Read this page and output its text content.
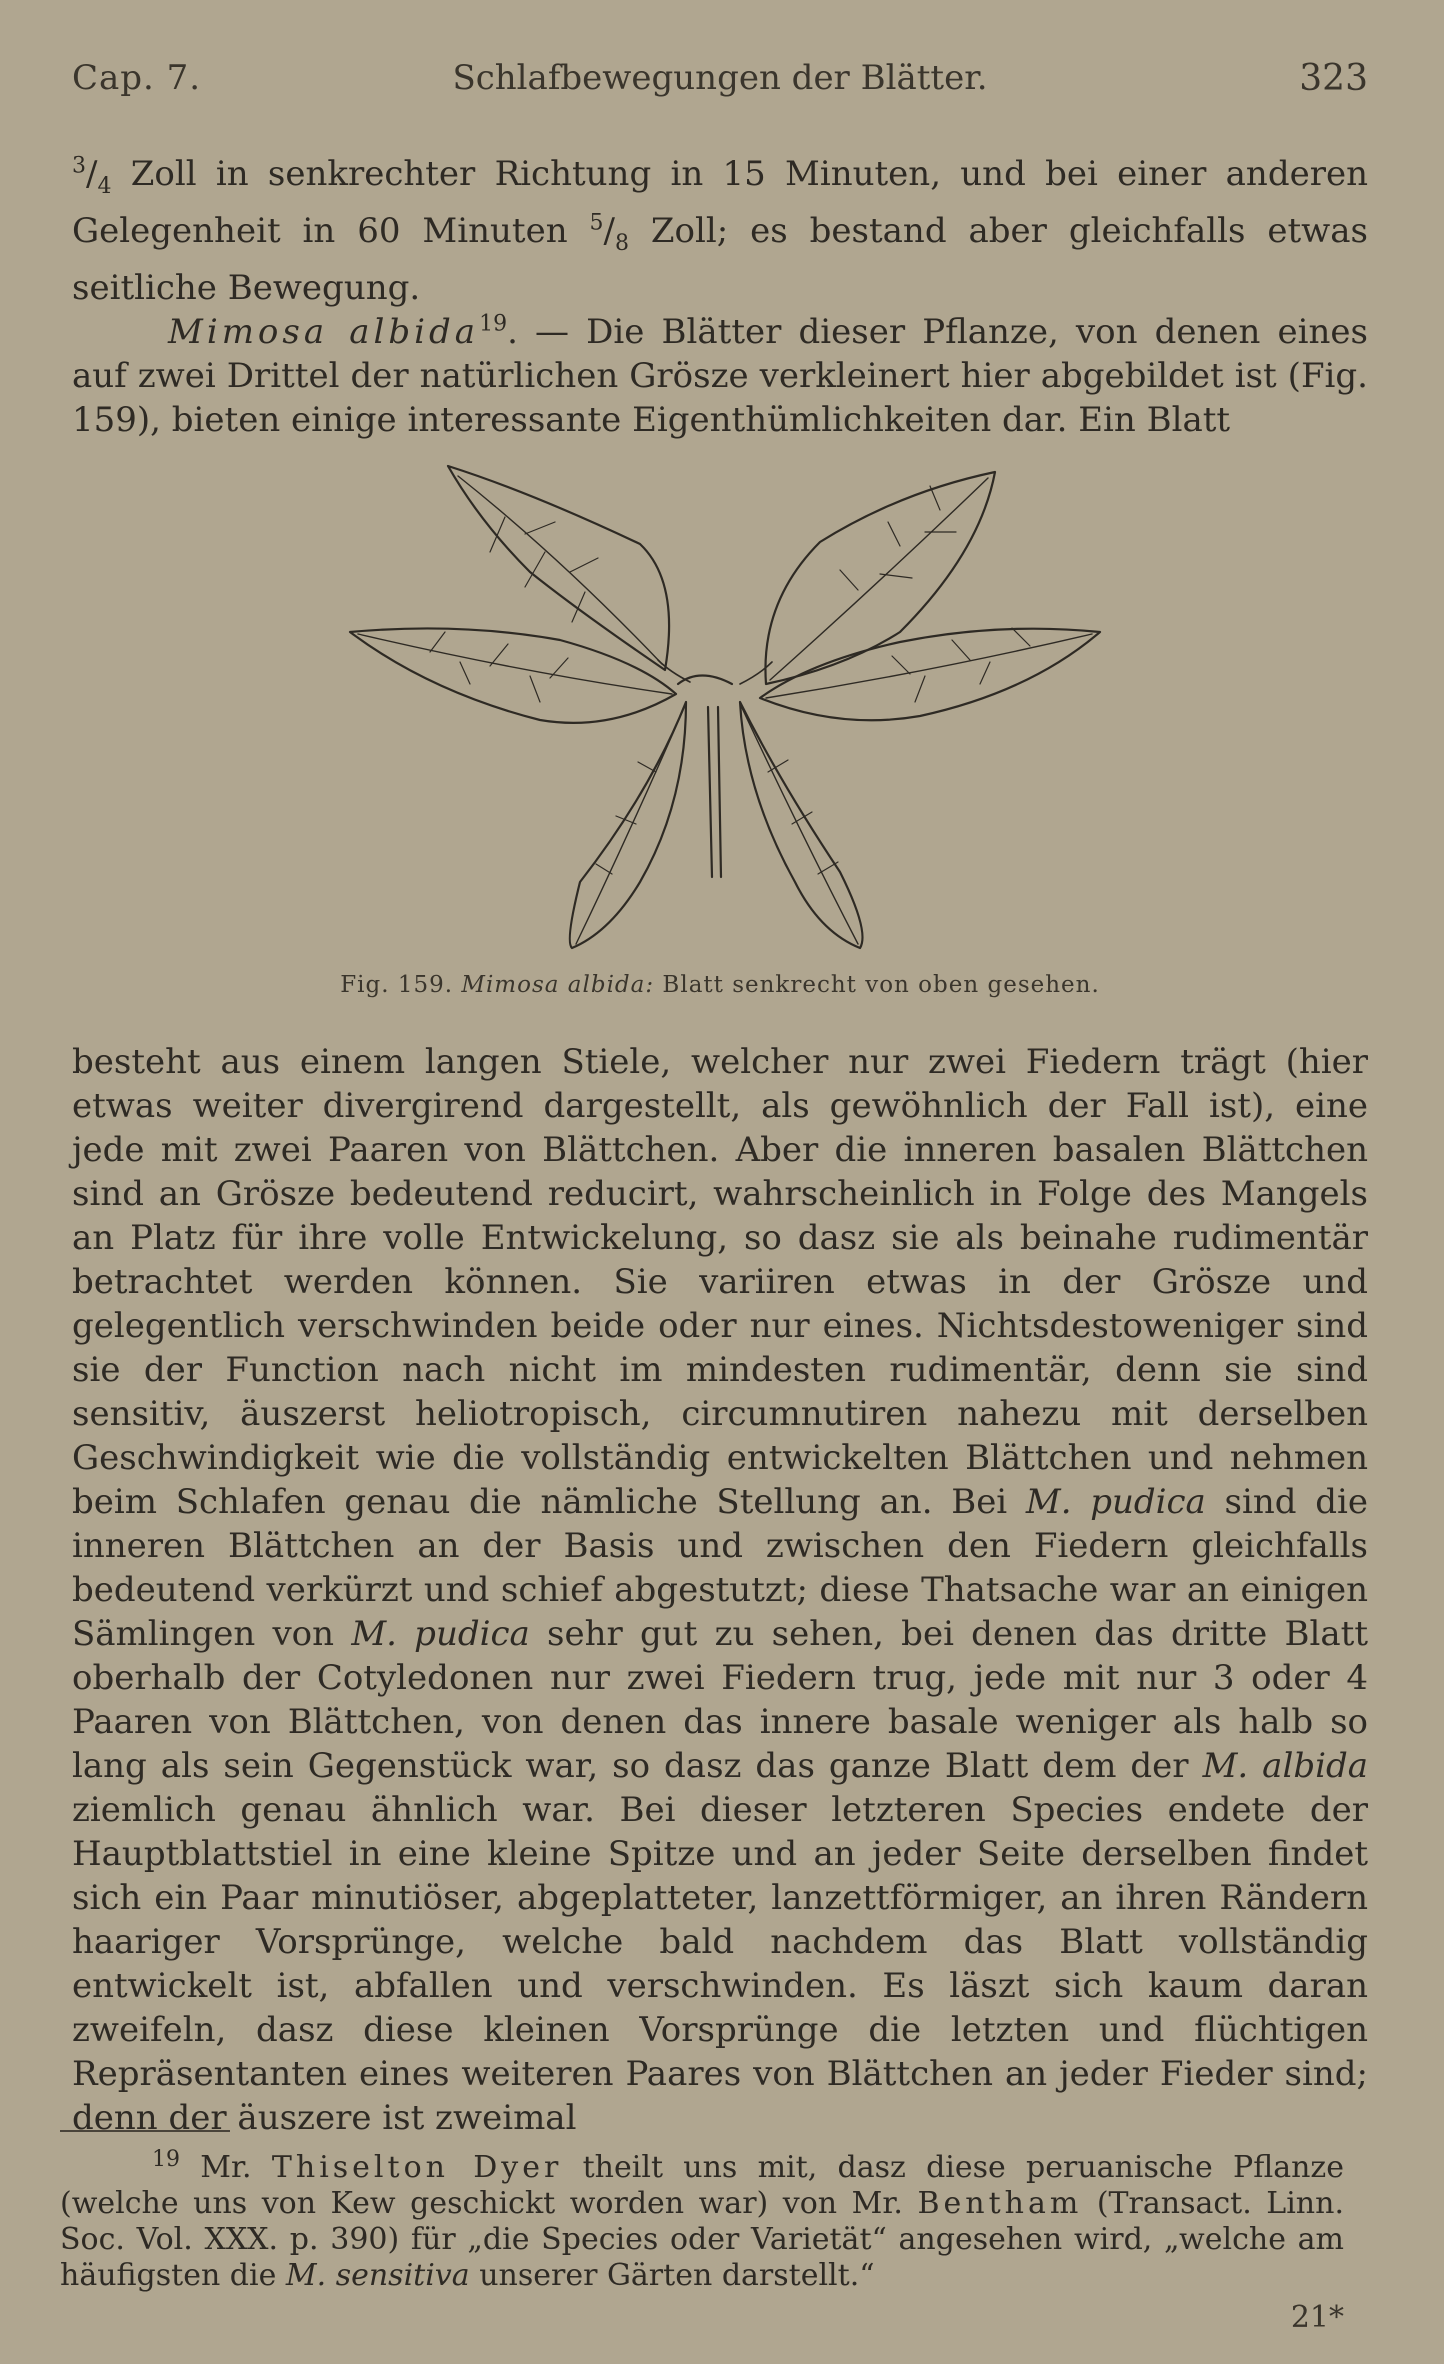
Cap. 7.	Schlafbewegungen der Blätter.	323

$^3/_4$ Zoll in senkrechter Richtung in 15 Minuten, und bei einer anderen Gelegenheit in 60 Minuten $^5/_8$ Zoll; es bestand aber gleichfalls etwas seitliche Bewegung.

Mimosa albida$^{19}$. — Die Blätter dieser Pflanze, von denen eines auf zwei Drittel der natürlichen Grösze verkleinert hier abgebildet ist (Fig. 159), bieten einige interessante Eigenthümlichkeiten dar. Ein Blatt

Fig. 159. Mimosa albida: Blatt senkrecht von oben gesehen.

besteht aus einem langen Stiele, welcher nur zwei Fiedern trägt (hier etwas weiter divergirend dargestellt, als gewöhnlich der Fall ist), eine jede mit zwei Paaren von Blättchen. Aber die inneren basalen Blättchen sind an Grösze bedeutend reducirt, wahrscheinlich in Folge des Mangels an Platz für ihre volle Entwickelung, so dasz sie als beinahe rudimentär betrachtet werden können. Sie variiren etwas in der Grösze und gelegentlich verschwinden beide oder nur eines. Nichtsdestoweniger sind sie der Function nach nicht im mindesten rudimentär, denn sie sind sensitiv, äuszerst heliotropisch, circumnutiren nahezu mit derselben Geschwindigkeit wie die vollständig entwickelten Blättchen und nehmen beim Schlafen genau die nämliche Stellung an. Bei M. pudica sind die inneren Blättchen an der Basis und zwischen den Fiedern gleichfalls bedeutend verkürzt und schief abgestutzt; diese Thatsache war an einigen Sämlingen von M. pudica sehr gut zu sehen, bei denen das dritte Blatt oberhalb der Cotyledonen nur zwei Fiedern trug, jede mit nur 3 oder 4 Paaren von Blättchen, von denen das innere basale weniger als halb so lang als sein Gegenstück war, so dasz das ganze Blatt dem der M. albida ziemlich genau ähnlich war. Bei dieser letzteren Species endete der Hauptblattstiel in eine kleine Spitze und an jeder Seite derselben findet sich ein Paar minutiöser, abgeplatteter, lanzettförmiger, an ihren Rändern haariger Vorsprünge, welche bald nachdem das Blatt vollständig entwickelt ist, abfallen und verschwinden. Es läszt sich kaum daran zweifeln, dasz diese kleinen Vorsprünge die letzten und flüchtigen Repräsentanten eines weiteren Paares von Blättchen an jeder Fieder sind; denn der äuszere ist zweimal

$^{19}$ Mr. Thiselton Dyer theilt uns mit, dasz diese peruanische Pflanze (welche uns von Kew geschickt worden war) von Mr. Bentham (Transact. Linn. Soc. Vol. XXX. p. 390) für „die Species oder Varietät“ angesehen wird, „welche am häufigsten die M. sensitiva unserer Gärten darstellt.“

21*
